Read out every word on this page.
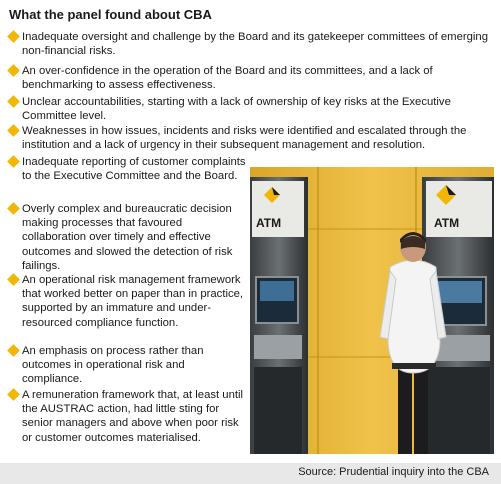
What the panel found about CBA
Inadequate oversight and challenge by the Board and its gatekeeper committees of emerging non-financial risks.
An over-confidence in the operation of the Board and its committees, and a lack of benchmarking to assess effectiveness.
Unclear accountabilities, starting with a lack of ownership of key risks at the Executive Committee level.
Weaknesses in how issues, incidents and risks were identified and escalated through the institution and a lack of urgency in their subsequent management and resolution.
Inadequate reporting of customer complaints to the Executive Committee and the Board.
Overly complex and bureaucratic decision making processes that favoured collaboration over timely and effective outcomes and slowed the detection of risk failings.
An operational risk management framework that worked better on paper than in practice, supported by an immature and under-resourced compliance function.
An emphasis on process rather than outcomes in operational risk and compliance.
A remuneration framework that, at least until the AUSTRAC action, had little sting for senior managers and above when poor risk or customer outcomes materialised.
ATM	ATM
Source: Prudential inquiry into the CBA
